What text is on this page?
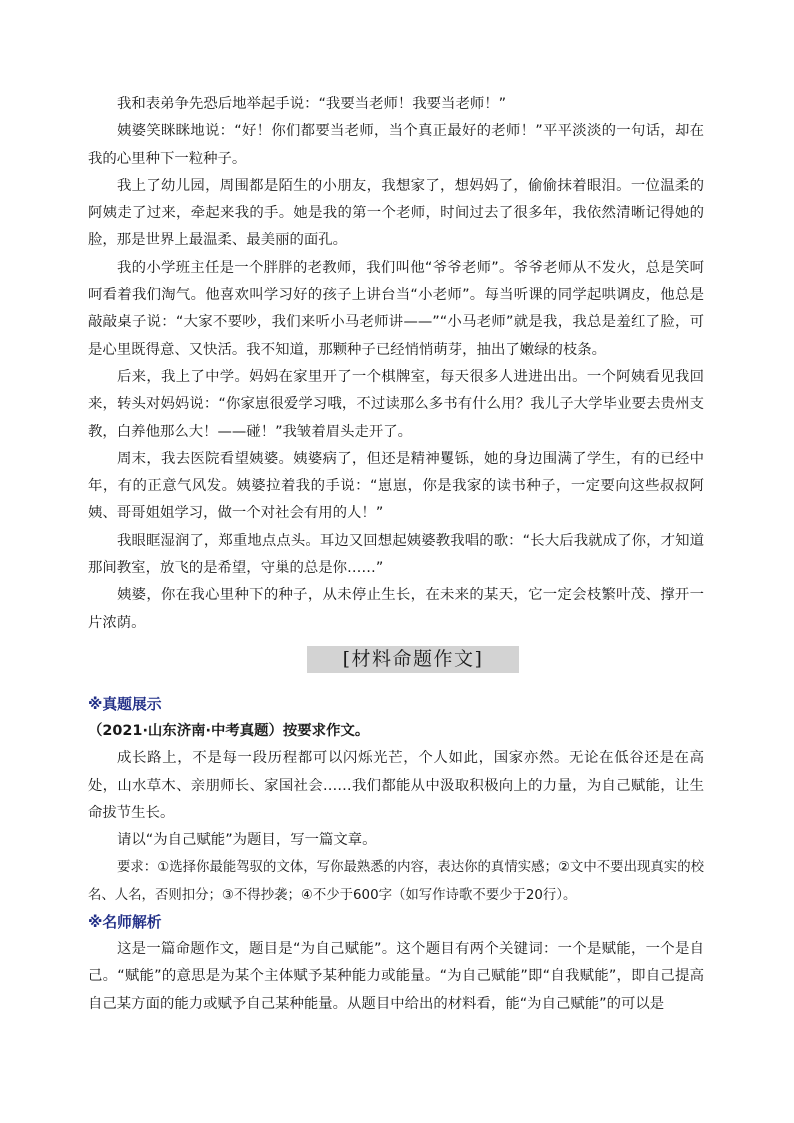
我和表弟争先恐后地举起手说：“我要当老师！我要当老师！”

姨婆笑眯眯地说：“好！你们都要当老师，当个真正最好的老师！”平平淡淡的一句话，却在我的心里种下一粒种子。

我上了幼儿园，周围都是陌生的小朋友，我想家了，想妈妈了，偷偷抹着眼泪。一位温柔的阿姨走了过来，牵起来我的手。她是我的第一个老师，时间过去了很多年，我依然清晰记得她的脸，那是世界上最温柔、最美丽的面孔。

我的小学班主任是一个胖胖的老教师，我们叫他“爷爷老师”。爷爷老师从不发火，总是笑呵呵看着我们淘气。他喜欢叫学习好的孩子上讲台当“小老师”。每当听课的同学起哄调皮，他总是敲敲桌子说：“大家不要吵，我们来听小马老师讲——”“小马老师”就是我，我总是羞红了脸，可是心里既得意、又快活。我不知道，那颗种子已经悄悄萌芽，抽出了嫩绿的枝条。

后来，我上了中学。妈妈在家里开了一个棋牌室，每天很多人进进出出。一个阿姨看见我回来，转头对妈妈说：“你家崽很爱学习哦，不过读那么多书有什么用？我儿子大学毕业要去贵州支教，白养他那么大！——碰！”我皱着眉头走开了。

周末，我去医院看望姨婆。姨婆病了，但还是精神矍铄，她的身边围满了学生，有的已经中年，有的正意气风发。姨婆拉着我的手说：“崽崽，你是我家的读书种子，一定要向这些叔叔阿姨、哥哥姐姐学习，做一个对社会有用的人！”

我眼眶湿润了，郑重地点点头。耳边又回想起姨婆教我唱的歌：“长大后我就成了你，才知道那间教室，放飞的是希望，守巢的总是你……”

姨婆，你在我心里种下的种子，从未停止生长，在未来的某天，它一定会枝繁叶茂、撑开一片浓荫。

[材料命题作文]

※真题展示

（2021·山东济南·中考真题）按要求作文。

成长路上，不是每一段历程都可以闪烁光芒，个人如此，国家亦然。无论在低谷还是在高处，山水草木、亲朋师长、家国社会……我们都能从中汲取积极向上的力量，为自己赋能，让生命拔节生长。

请以“为自己赋能”为题目，写一篇文章。

要求：①选择你最能驾驭的文体，写你最熟悉的内容，表达你的真情实感；②文中不要出现真实的校名、人名，否则扣分；③不得抄袭；④不少于600字（如写作诗歌不要少于20行）。

※名师解析

这是一篇命题作文，题目是“为自己赋能”。这个题目有两个关键词：一个是赋能，一个是自己。“赋能”的意思是为某个主体赋予某种能力或能量。“为自己赋能”即“自我赋能”，即自己提高自己某方面的能力或赋予自己某种能量。从题目中给出的材料看，能“为自己赋能”的可以是
